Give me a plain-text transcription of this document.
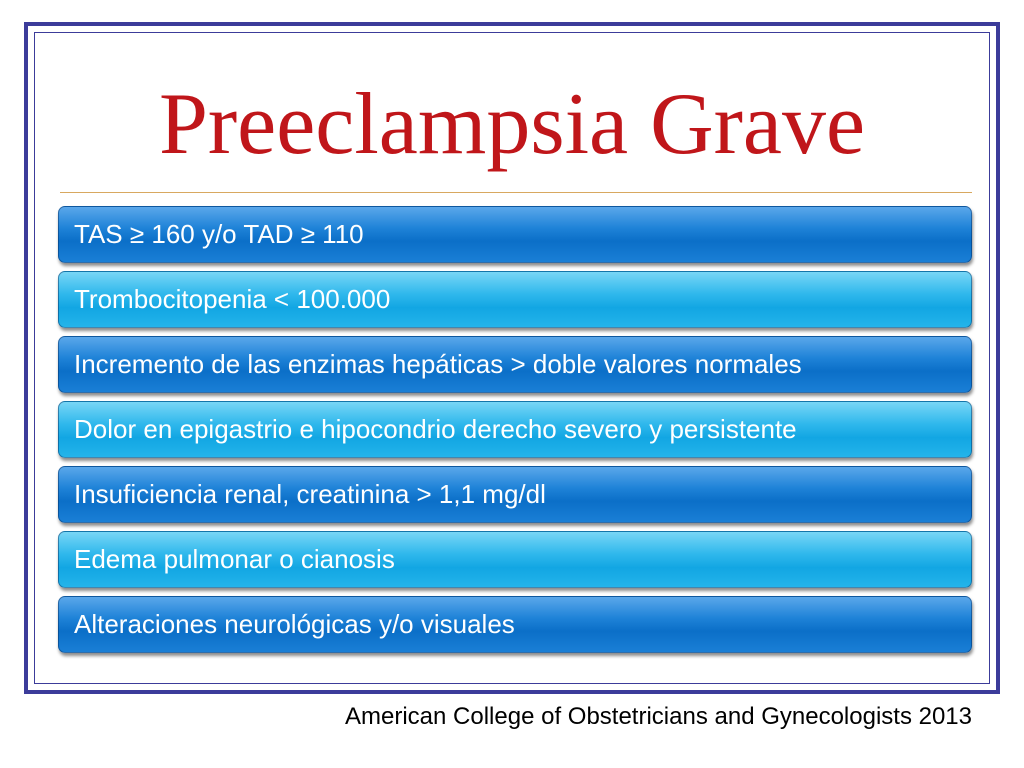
Preeclampsia Grave
TAS ≥ 160 y/o TAD ≥ 110
Trombocitopenia < 100.000
Incremento de las enzimas hepáticas > doble valores normales
Dolor en epigastrio e hipocondrio derecho severo y persistente
Insuficiencia renal, creatinina > 1,1 mg/dl
Edema pulmonar o cianosis
Alteraciones neurológicas y/o visuales
American College of Obstetricians and Gynecologists 2013
